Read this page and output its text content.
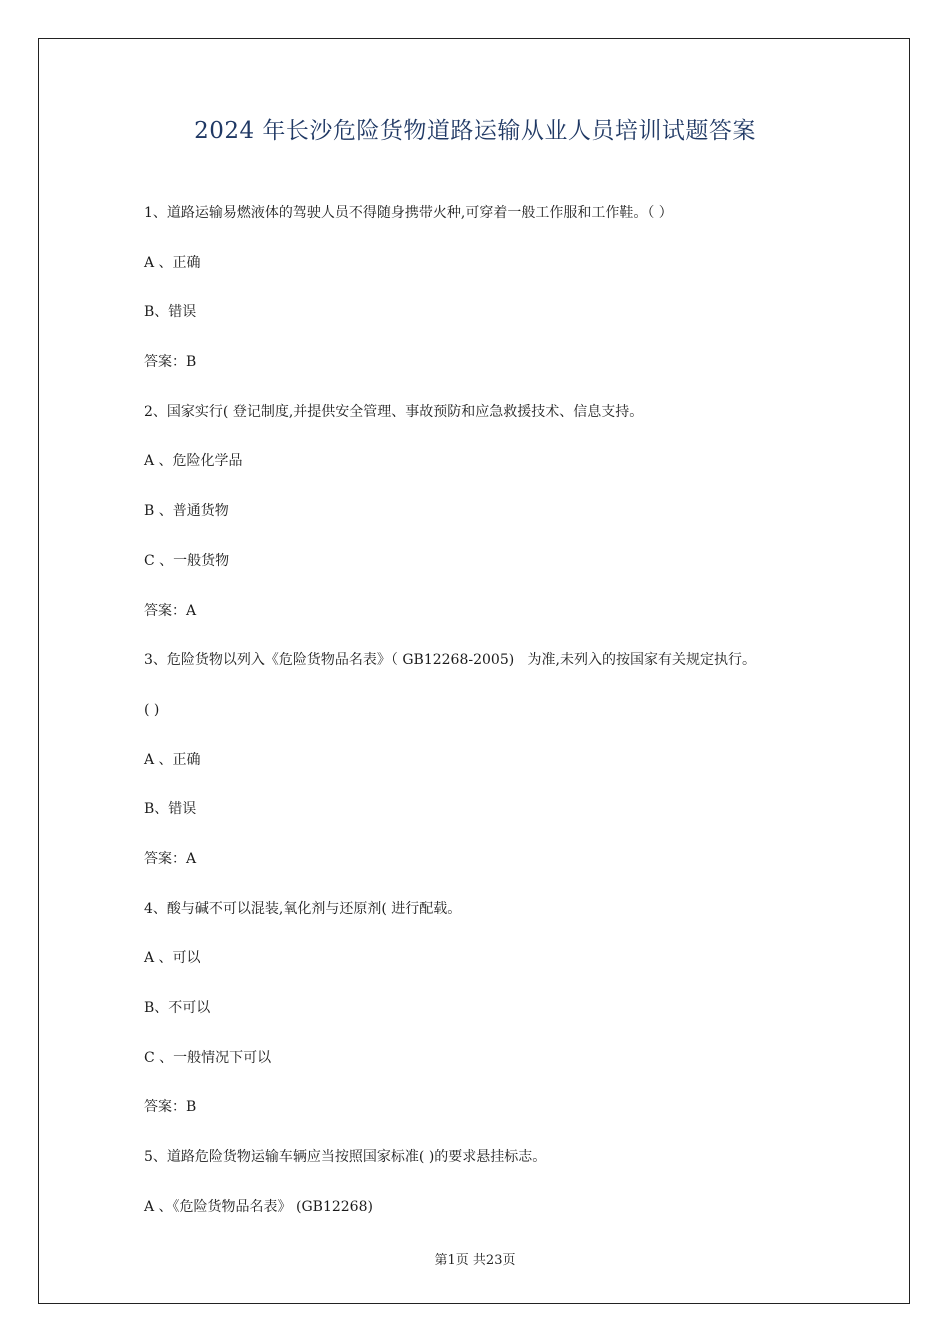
2024 年长沙危险货物道路运输从业人员培训试题答案
1、道路运输易燃液体的驾驶人员不得随身携带火种,可穿着一般工作服和工作鞋。（ ）
A 、正确
B、错误
答案：B
2、国家实行( 登记制度,并提供安全管理、事故预防和应急救援技术、信息支持。
A 、危险化学品
B 、普通货物
C 、一般货物
答案：A
3、危险货物以列入《危险货物品名表》（ GB12268-2005)   为准,未列入的按国家有关规定执行。
( )
A 、正确
B、错误
答案：A
4、酸与碱不可以混装,氧化剂与还原剂( 进行配载。
A 、可以
B、不可以
C 、一般情况下可以
答案：B
5、道路危险货物运输车辆应当按照国家标准( )的要求悬挂标志。
A 、《危险货物品名表》 (GB12268)
第1页 共23页
